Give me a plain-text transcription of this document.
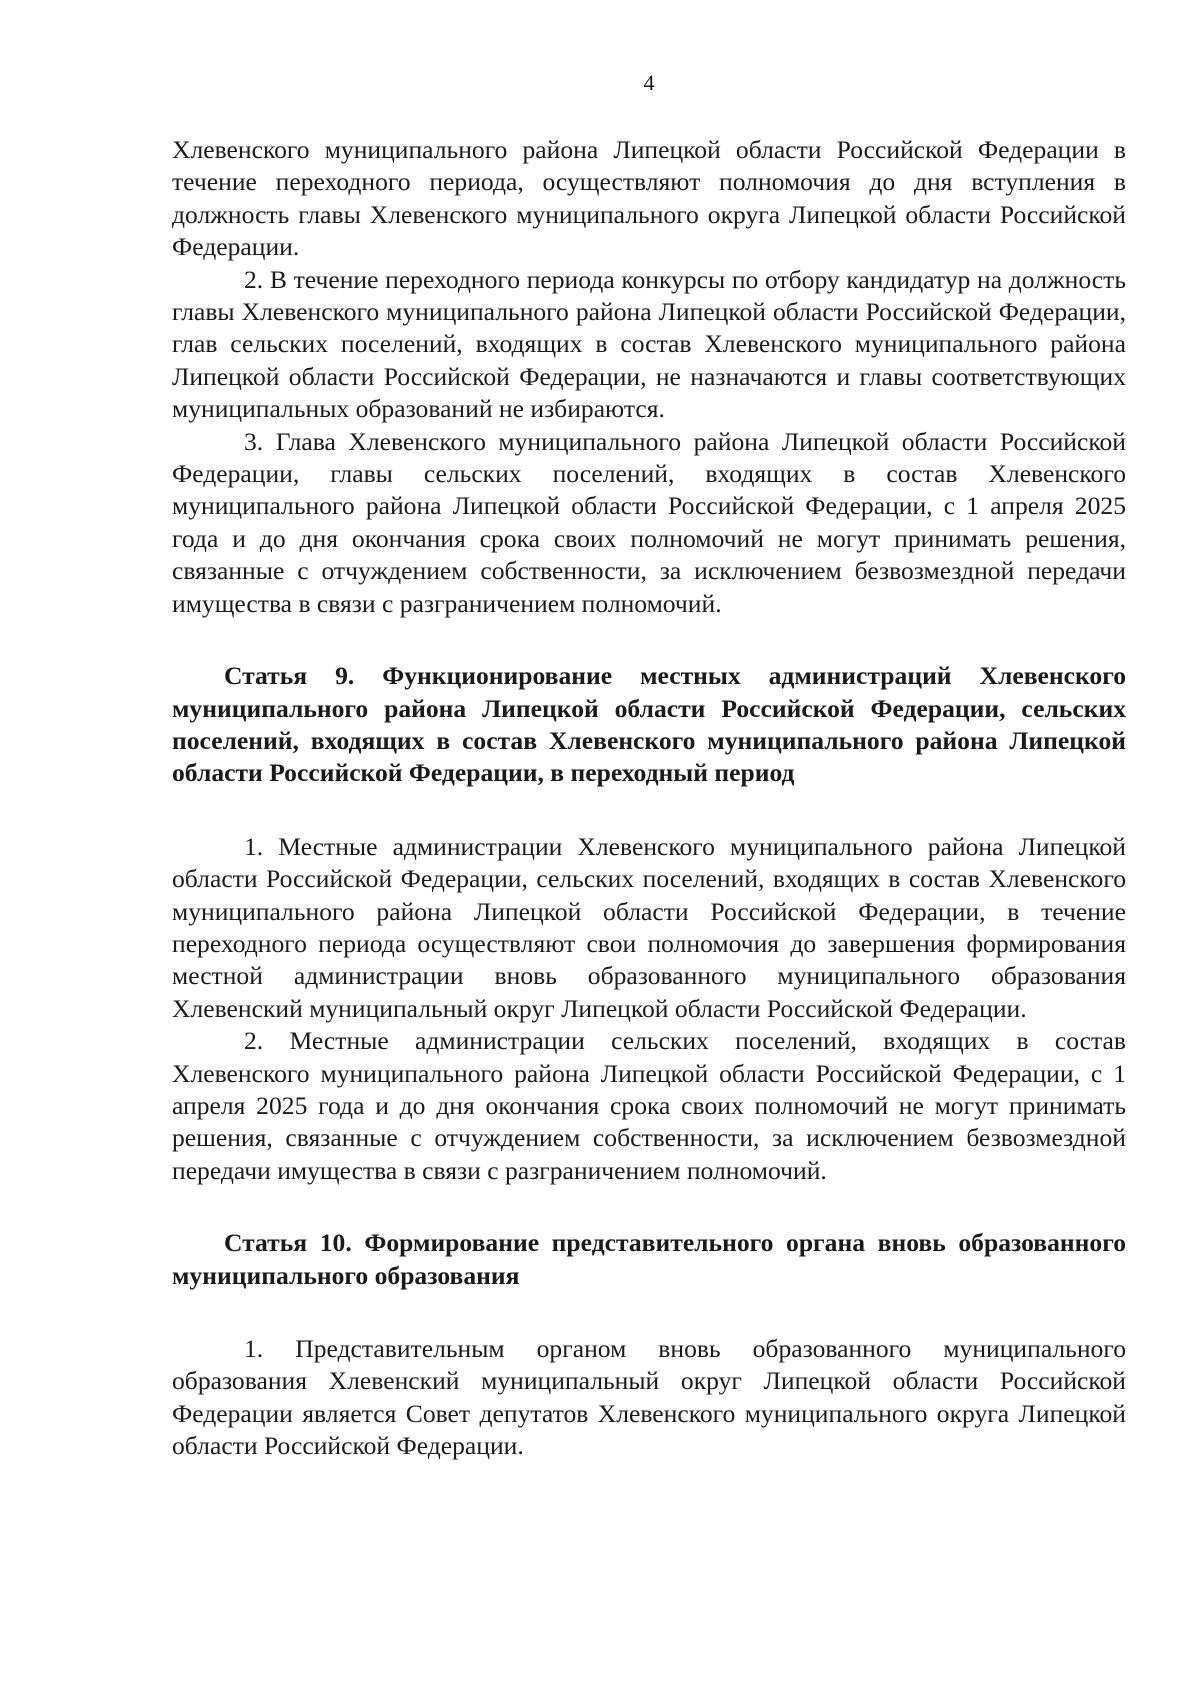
4

Хлевенского муниципального района Липецкой области Российской Федерации в течение переходного периода, осуществляют полномочия до дня вступления в должность главы Хлевенского муниципального округа Липецкой области Российской Федерации.

2. В течение переходного периода конкурсы по отбору кандидатур на должность главы Хлевенского муниципального района Липецкой области Российской Федерации, глав сельских поселений, входящих в состав Хлевенского муниципального района Липецкой области Российской Федерации, не назначаются и главы соответствующих муниципальных образований не избираются.

3. Глава Хлевенского муниципального района Липецкой области Российской Федерации, главы сельских поселений, входящих в состав Хлевенского муниципального района Липецкой области Российской Федерации, с 1 апреля 2025 года и до дня окончания срока своих полномочий не могут принимать решения, связанные с отчуждением собственности, за исключением безвозмездной передачи имущества в связи с разграничением полномочий.

Статья 9. Функционирование местных администраций Хлевенского муниципального района Липецкой области Российской Федерации, сельских поселений, входящих в состав Хлевенского муниципального района Липецкой области Российской Федерации, в переходный период

1. Местные администрации Хлевенского муниципального района Липецкой области Российской Федерации, сельских поселений, входящих в состав Хлевенского муниципального района Липецкой области Российской Федерации, в течение переходного периода осуществляют свои полномочия до завершения формирования местной администрации вновь образованного муниципального образования Хлевенский муниципальный округ Липецкой области Российской Федерации.

2. Местные администрации сельских поселений, входящих в состав Хлевенского муниципального района Липецкой области Российской Федерации, с 1 апреля 2025 года и до дня окончания срока своих полномочий не могут принимать решения, связанные с отчуждением собственности, за исключением безвозмездной передачи имущества в связи с разграничением полномочий.

Статья 10. Формирование представительного органа вновь образованного муниципального образования

1. Представительным органом вновь образованного муниципального образования Хлевенский муниципальный округ Липецкой области Российской Федерации является Совет депутатов Хлевенского муниципального округа Липецкой области Российской Федерации.
